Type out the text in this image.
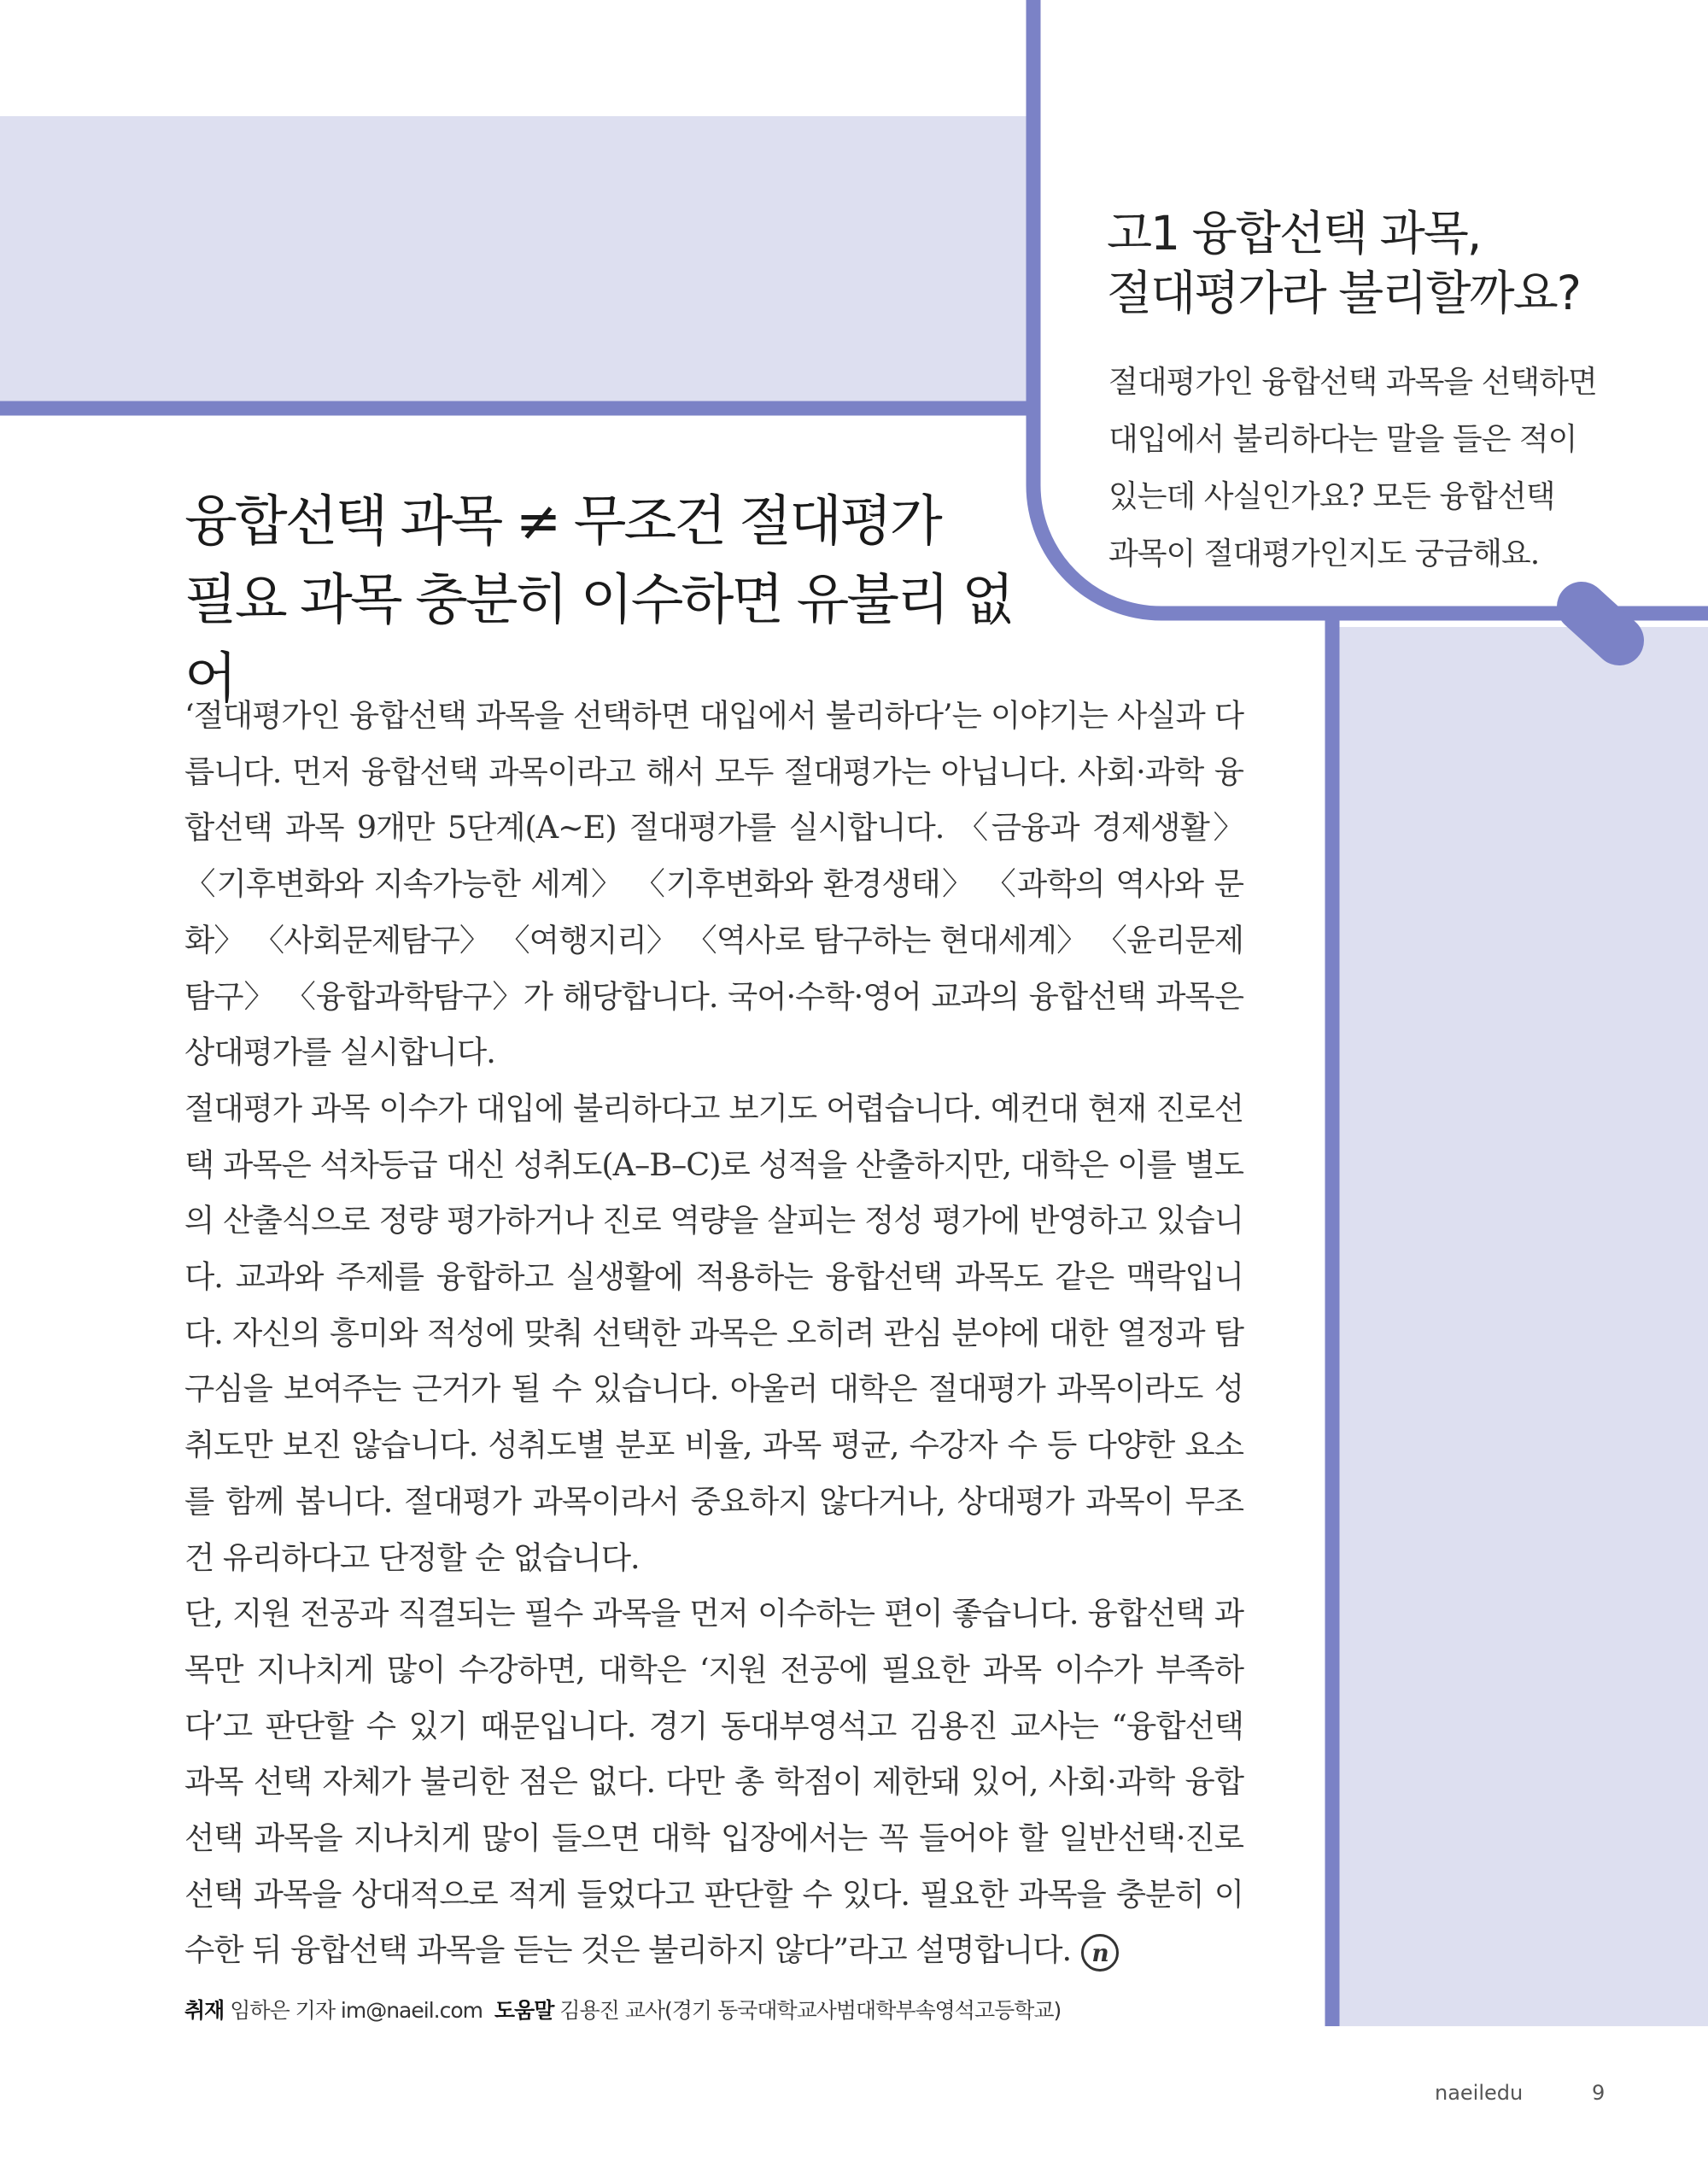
고1 융합선택 과목,
절대평가라 불리할까요?

절대평가인 융합선택 과목을 선택하면
대입에서 불리하다는 말을 들은 적이
있는데 사실인가요? 모든 융합선택
과목이 절대평가인지도 궁금해요.

융합선택 과목 ≠ 무조건 절대평가
필요 과목 충분히 이수하면 유불리 없어

‘절대평가인 융합선택 과목을 선택하면 대입에서 불리하다’는 이야기는 사실과 다릅니다. 먼저 융합선택 과목이라고 해서 모두 절대평가는 아닙니다. 사회·과학 융합선택 과목 9개만 5단계(A~E) 절대평가를 실시합니다. 〈금융과 경제생활〉 〈기후변화와 지속가능한 세계〉 〈기후변화와 환경생태〉 〈과학의 역사와 문화〉 〈사회문제탐구〉 〈여행지리〉 〈역사로 탐구하는 현대세계〉 〈윤리문제탐구〉 〈융합과학탐구〉가 해당합니다. 국어·수학·영어 교과의 융합선택 과목은 상대평가를 실시합니다.

절대평가 과목 이수가 대입에 불리하다고 보기도 어렵습니다. 예컨대 현재 진로선택 과목은 석차등급 대신 성취도(A–B–C)로 성적을 산출하지만, 대학은 이를 별도의 산출식으로 정량 평가하거나 진로 역량을 살피는 정성 평가에 반영하고 있습니다. 교과와 주제를 융합하고 실생활에 적용하는 융합선택 과목도 같은 맥락입니다. 자신의 흥미와 적성에 맞춰 선택한 과목은 오히려 관심 분야에 대한 열정과 탐구심을 보여주는 근거가 될 수 있습니다. 아울러 대학은 절대평가 과목이라도 성취도만 보진 않습니다. 성취도별 분포 비율, 과목 평균, 수강자 수 등 다양한 요소를 함께 봅니다. 절대평가 과목이라서 중요하지 않다거나, 상대평가 과목이 무조건 유리하다고 단정할 순 없습니다.

단, 지원 전공과 직결되는 필수 과목을 먼저 이수하는 편이 좋습니다. 융합선택 과목만 지나치게 많이 수강하면, 대학은 ‘지원 전공에 필요한 과목 이수가 부족하다’고 판단할 수 있기 때문입니다. 경기 동대부영석고 김용진 교사는 “융합선택 과목 선택 자체가 불리한 점은 없다. 다만 총 학점이 제한돼 있어, 사회·과학 융합선택 과목을 지나치게 많이 들으면 대학 입장에서는 꼭 들어야 할 일반선택·진로선택 과목을 상대적으로 적게 들었다고 판단할 수 있다. 필요한 과목을 충분히 이수한 뒤 융합선택 과목을 듣는 것은 불리하지 않다”라고 설명합니다. n

취재 임하은 기자 im@naeil.com 도움말 김용진 교사(경기 동국대학교사범대학부속영석고등학교)
naeiledu	9
